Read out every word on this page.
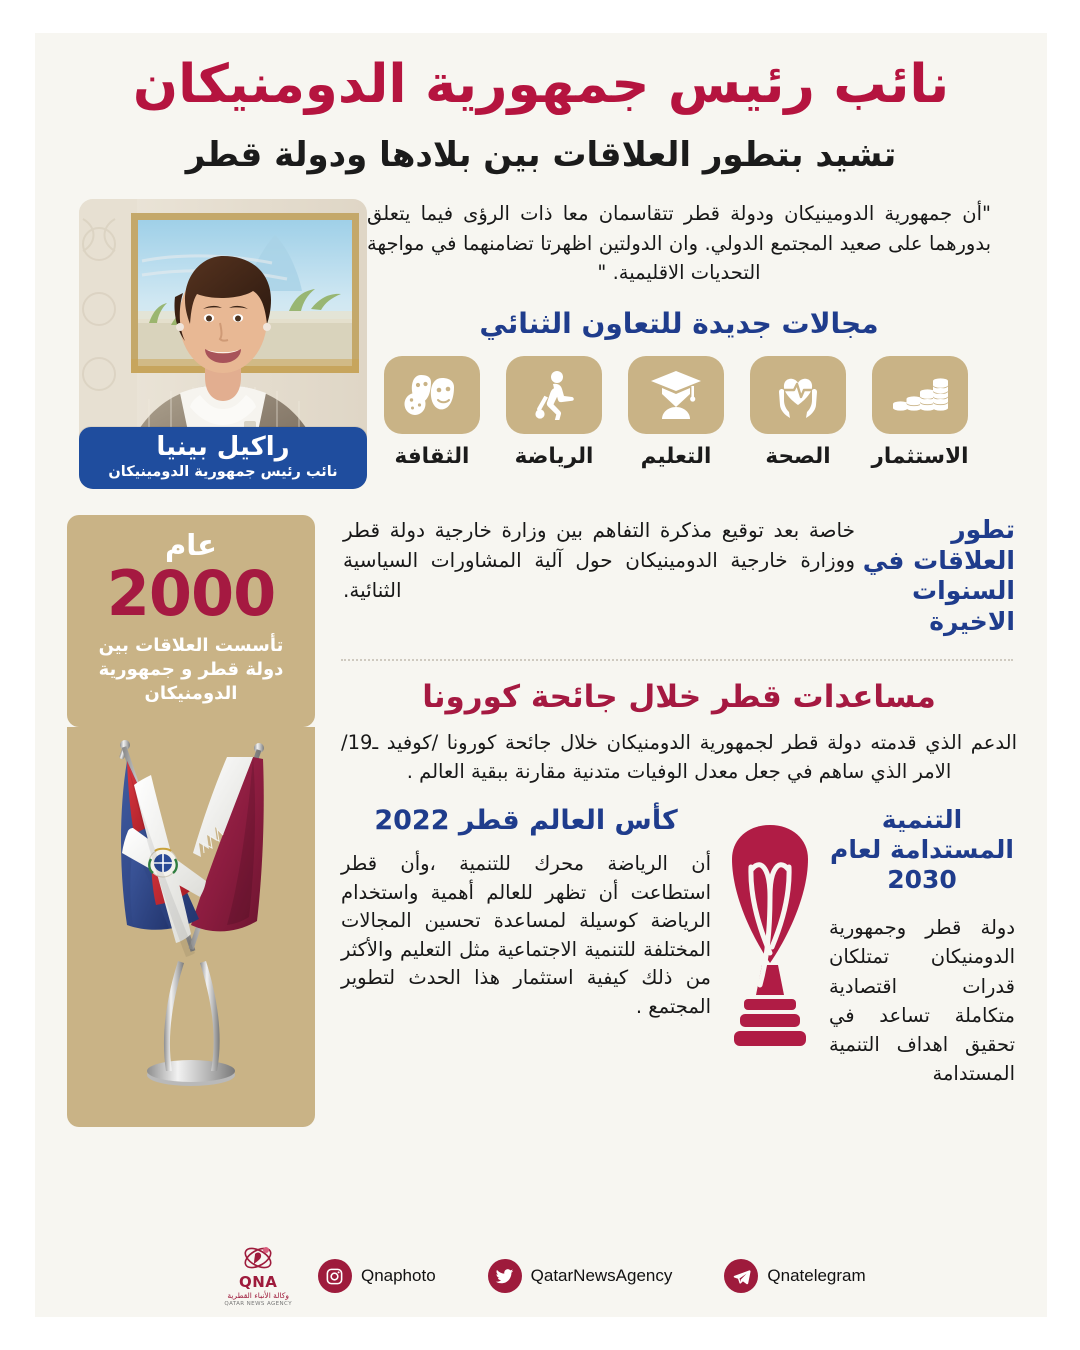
نائب رئيس جمهورية الدومنيكان
تشيد بتطور العلاقات بين بلادها ودولة قطر
"أن جمهورية الدومينيكان ودولة قطر تتقاسمان معا ذات الرؤى فيما يتعلق بدورهما على صعيد المجتمع الدولي. وان الدولتين اظهرتا تضامنهما في مواجهة التحديات الاقليمية. "
مجالات جديدة للتعاون الثنائي
الثقافة	الرياضة	التعليم	الصحة	الاستثمار
راكيل بينيا
نائب رئيس جمهورية الدومينيكان
تطور العلاقات في السنوات الاخيرة
خاصة بعد توقيع مذكرة التفاهم بين وزارة خارجية دولة قطر ووزارة خارجية الدومينيكان حول آلية المشاورات السياسية الثنائية.
مساعدات قطر خلال جائحة كورونا

الدعم الذي قدمته دولة قطر لجمهورية الدومنيكان خلال جائحة كورونا /كوفيد ـ19/ الامر الذي ساهم في جعل معدل الوفيات متدنية مقارنة ببقية العالم .

التنمية المستدامة لعام 2030

دولة قطر وجمهورية الدومنيكان تمتلكان قدرات اقتصادية متكاملة تساعد في تحقيق اهداف التنمية المستدامة

كأس العالم قطر 2022

أن الرياضة محرك للتنمية ،وأن قطر استطاعت أن تظهر للعالم أهمية واستخدام الرياضة كوسيلة لمساعدة تحسين المجالات المختلفة للتنمية الاجتماعية مثل التعليم والأكثر من ذلك كيفية استثمار هذا الحدث لتطوير المجتمع .

عام
2000
تأسست العلاقات بين دولة قطر و جمهورية الدومنيكان
QNA
وكالة الأنباء القطرية
QATAR NEWS AGENCY
Qnaphoto	QatarNewsAgency	Qnatelegram
